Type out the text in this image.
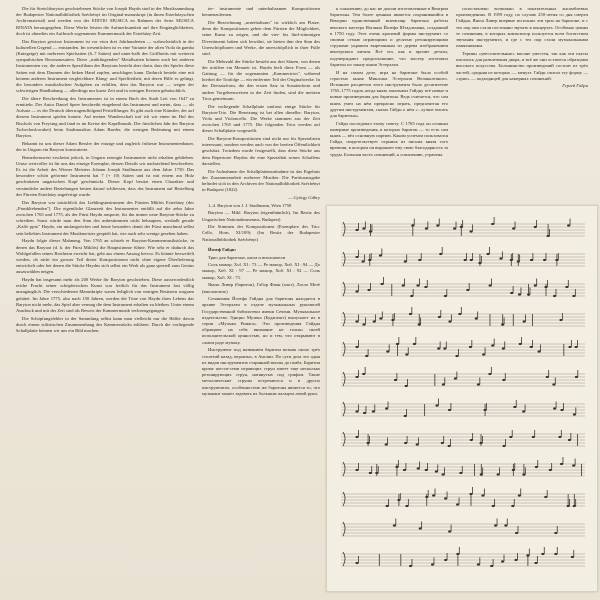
Die für Streichbaryton geschriebenen Stücke von Joseph Haydn sind in der Musiksammlung der Budapester Nationalbibliothek Széchényi im Original-manuskript (in ihnen Esterházyschen Archivmaterial) und werden von der EDITIO MUSICA en Rahmen der Serie MUSICA RINATA herausgegeben. Diese Werke leisten die Aufmerksamkeit auf ihre Eingänglichkeiten, doch ist ohnedies ein Aufbruch sogenannter Kammermusik der Esterházy-Zeit.

Das Baryton gewisse Instrument ist vor etwa drei Jahrhunderten — wahrscheinlich in der kulturellen Gegend — entstanden. Im wesentlichen ist es eine Variante der alten Viola da gamba (Kniegeige) mit mehreren Spielsaiten (6–7 Saiten) und unter-halb des Griffbretts mit weiteren sympathischen Resonanzsaiten. Diese „mitklingenden" Metallsaiten können auch bei anderen Instrumenten vor, die anderes Spezifikum des Barytons besteht aber darin, dass der Spieler diese Saiten mit dem Daumen der linken Hand zupfen, anschlagen kann. Dadurch besteht eine mit keinem anderen Instrument vergleichbare Klang- und Spielfreiheit, mit deren Hilfe es gelingt, die besonders musikalischen Aufgaben zu erfüllen, dem das Baryton war — wegen der schwierigen Handhabung — allerdings nur kurze Zeit und in wenigen Kreisen gebräuchlich.

Die ältere Beschreibung des Instrumentes ist in einem Buch des Stadt Leit von 1647 zu ermitteln. Der Autor Daniel Speer beschreibt eingehend das Instrument und meint, dass — als Aufsatz — es der Deutsch überrragendfolgend Festtellfunger. Es gibt auch eine Künstler, der auf diesem Instrument spielen konnte. Auf meiner Wanderschaft traf ich wir einen im Hof des Bischofs von Freysing und fand es im Kreise der Kapellmusik. Der fürstlichen Jahr der Baryton Tschechoslowakei) beim Stadtmusikus Adam Baeder, die wenigen Bedeutung mit einem Baryton.

Bekannt ist uns dieser Adam Bessler der einzige und zugleich früheste Instrumentenbauer, der in Ungarn ein Baryton konstruierte.

Bemerkenswert erscheint jedoch, in Ungarn erzeugte Instrumente nicht erhalten geblieben. Umso wertvoller ist für uns das einzige Exemplar, dessen Details wir nachstehend beschreiben. Es ist die Arbeit des Wiener Meisters Johann Joseph Stadlmann aus dem Jahre 1750. Das besondere schön geformte Instrument hat 7 (+ 10) Saiten und ist mit einem aus Holz geschnitzten ungarischen Kopf geschmückt. Dieser Kopf besitzt einen Charakter und versinnliche andere Beziehungen besten darauf schliessen, dass das Instrument auf Bestellung des Fürsten Esterházy angefertigt wurde.

Das Baryton war tatsächlich das Lieblingsinstrument des Fürsten Miklós Esterházy (des „Prunkliebenden"). Die eigentliche Glanzzeit des Instrumentes entfällt auf die zehn Jahre zwischen 1765 und 1775, als der Fürst Haydn ansporte, für ihn immer neue Baryton-Stücke zu schreiben. Sonst würde man den Sinn des unbestimmten nicht behaupten, weshalb gerade „Kaffe ppio" Haydn, ein umfangreiches und heute besonders damit der Fürst manchmal selbst sein beliebtes Instrument der Musikmeister gespielt hat, wie auch sehr wenige gesehen haben.

Haydn folgte dieser Mahnung. Von 1765 an schrieb er Baryton-Kammermusikstücke, in denen das Baryton (d. h. der Fürst Miklós) die Hauptstimme führte. Wie sehr er dadurch das Wohlgefallen seines Brotherrn erreicht hat, geht aus einem Auszug hervor. Es könnte bezweifelt werden, ob nicht ein grosser Teil dieser Kompositionen nicht ohne eigene Überlieferung entwickelt oder bei denen die Stücke Haydns sich selbst ein Werk als ganz speziell zum Genius auszuwählen neigen.

Haydn hat insgesamt mehr als 200 Werke für Baryton geschrieben. Diese ausserordentlich reiche Frucht seiner schöpferischen Kunst war freilich für das Instrument fast völlig unzugänglich. Die verschiedenen Manuskripte waren lediglich von wenigen Besitzern sorgsam gehütet. Im Jahre 1775, also nach 150 Jahren, werden die Töne von Haydn ihres Lebens das Baryton nicht mehr, das Spiel aber vermag die dem Instrument erhalten zu bleiben. Unter einem Ausdruck und mit der Zeit sind als Beweis der Kammermusik verlorengegangen.

Die Schöpfungsfehler in der Sammlung selbst kann man vielleicht nur die Hälfte davon durch einem stilistischen Zusammenhang des Kammerstücks erklären. Durch die vorliegende Schallplatte können wir uns ein Bild machen.

ter- instrumente und unterhaltsamen Kompositionen kennenzulernen.

Die Bezeichnung „unterhaltsam" ist wirklich am Platze, denn die Kompositionen geben dem Fürsten die Möglichkeit, seine Kunst zu zeigen, und die vier- bis fünf-stimmigen Divertimenti haben sich bewährt, sie bieten ihm den Sinn des Unerschöpfbaren und Werke, die unerschöpflich in ihrer Fülle sind.

Die Mehrzahl der Stücke besteht aus drei Sätzen, von denen der mittlere ein Menuett ist. Haydn hielt diese Form — als Gattung — für die sogenannten „Kammertrios", während hierbei die Tonfolge — ein entfernter Teil der Originalwerke. In der Dreisatzform, die den ersten Satz in Sonatenform und andere Vorgehensweisen in der Zeit finden, sind die meisten Trios gemeinsam.

Die vorliegende Schallplatte umfasst einige Stücke für Baryton-Trio. Die Besetzung ist bei allen dieselbe: Baryton, Viola und Violoncello. Die Werke stammen aus der Zeit zwischen 1765 und 1775. Die folgenden Trios werden auf dieser Schallplatte vorgestellt.

Die Baryton-Kompositionen sind nicht nur für Spezialisten interessant, sondern werden auch von der breiten Öffentlichkeit geschätzt. Trotzdem wurde festgestellt, dass diese Stücke aus dem Repertoire Haydns die eine Spezialität seines Schaffens darstellen.

Die Aufnahmen der Schallplattenaufnahme ist das Ergebnis der Zusammenarbeit mehrerer Musiker. Die Partiturausgabe befindet sich in den Archiven der Nationalbibliothek Széchényi in Budapest (1822).

— György Gábry

1–4. Baryton von J. J. Stadlmann, Wien 1750

Baryton — Mikl. Baryton (eigenthümlich), Im Besitz des Ungarischen Nationalmuseums, Budapest)

Die Stimmen der Kompositionen (Exemplare des Trio: Cello, Horn, XI/109): (Im Besitz der Budapester Nationalbibliothek Széchényi)

Йозеф Гайдн:

Трио для баритона, альта и виолончели

Соль мажор, Xol. XI : 73 — Ре мажор, Хоб. XI : 94 — До мажор, Хоб. XI : 97 — Ре мажор, Хоб. XI : 92 — Соль мажор, Хоб. XI : 73.

Янош Ливер (баритон), Габор Фиан (альт), Ласло Мезё (виолончель)

Сочинения Йозефа Гайдна для баритона находятся в архиве Эстерхази в отделе музыкальных рукописей Государственной библиотеки имени Сечени. Музыкальное издательство Эдицио Музика (Будапешт) выпускает их в серии «Музыка Ринага». Эти произведения Гайдна обращают на себя внимание не только своей исполнительской ценностью, но и тем, что открывают в самом роде музыку.

Инструмент под названием баритон возник около трёх столетий назад, вероятно, в Англии. По сути дела это один из видов инструментов старинной виолы да гамба. Баритон кроме шести-семи играющих струн имеет еще несколько резонирующих струн, натянутых под грифом. Такие металлические струны встречаются и в других инструментах, особенностью же баритона является то, что музыкант может задевать их большим пальцем левой руки.

к сожалению, до нас не дошли изготовленные в Венгрии баритоны. Тем более ценным является сохранившийся в Венгрии единственный экземпляр баритона работы венского мастера Иоганна Йозефа Штадльмана, созданный в 1750 году. Этот очень красивой формы инструмент со своими семью играющими и десятью резонирующими струнами украшен вырезанным из дерева изображением венгерского витязя. Всё это, как и прочие детали, подтверждают предположение, что мастер изготовил баритон по заказу князя Эстерхази.

И на самом деле, игра на баритоне была особой страстью князя Миклоша Эстерхази Великолепного. Истинное расцветом этого инструмента было десятилетие 1765–1775 годов, когда князь заказывал Гайдну всё новые и новые произведения для баритона. Ведь считается, что сам князь умел на нём прекрасно играть, предпочитая его другим инструментам, сказал Гайдн о нём «...лучше писать для баритона».

Гайдн последовал этому совету. С 1765 года он сочинял камерные произведения, в которых баритон — то есть сам князь — вёл основную партию. Каким успехом пользовался Гайдн, свидетельствует отрывок из письма князя того времени, в котором он выражает ему свою благодарность за труды. Большая часть сочинений, к сожалению, утрачена.

сопоставлено возможно в показательных ансамблевых произведениях. В 1959 году, по случаю 250-летия со дня смерти Гайдна, Янош Ливер впервые исполнил эти трио на баритоне, и с тех пор они стали постоянно звучать в концертах. Особенно ценны те сочинения, в которых композитор пользуется всем богатством звучания инструмента, и где с тех пор стали музыкальными памятниками.

Термин «увеселительные» вполне уместен, так как эти пьесы писались для развлечения двора, и всё же они остаются образцами высокого искусства. Большинство произведений состоит из трёх частей, средняя из которых — менуэт. Гайдн считал эту форму — «трио» — подходящей для камерных сочинений.

Гергей Габри
